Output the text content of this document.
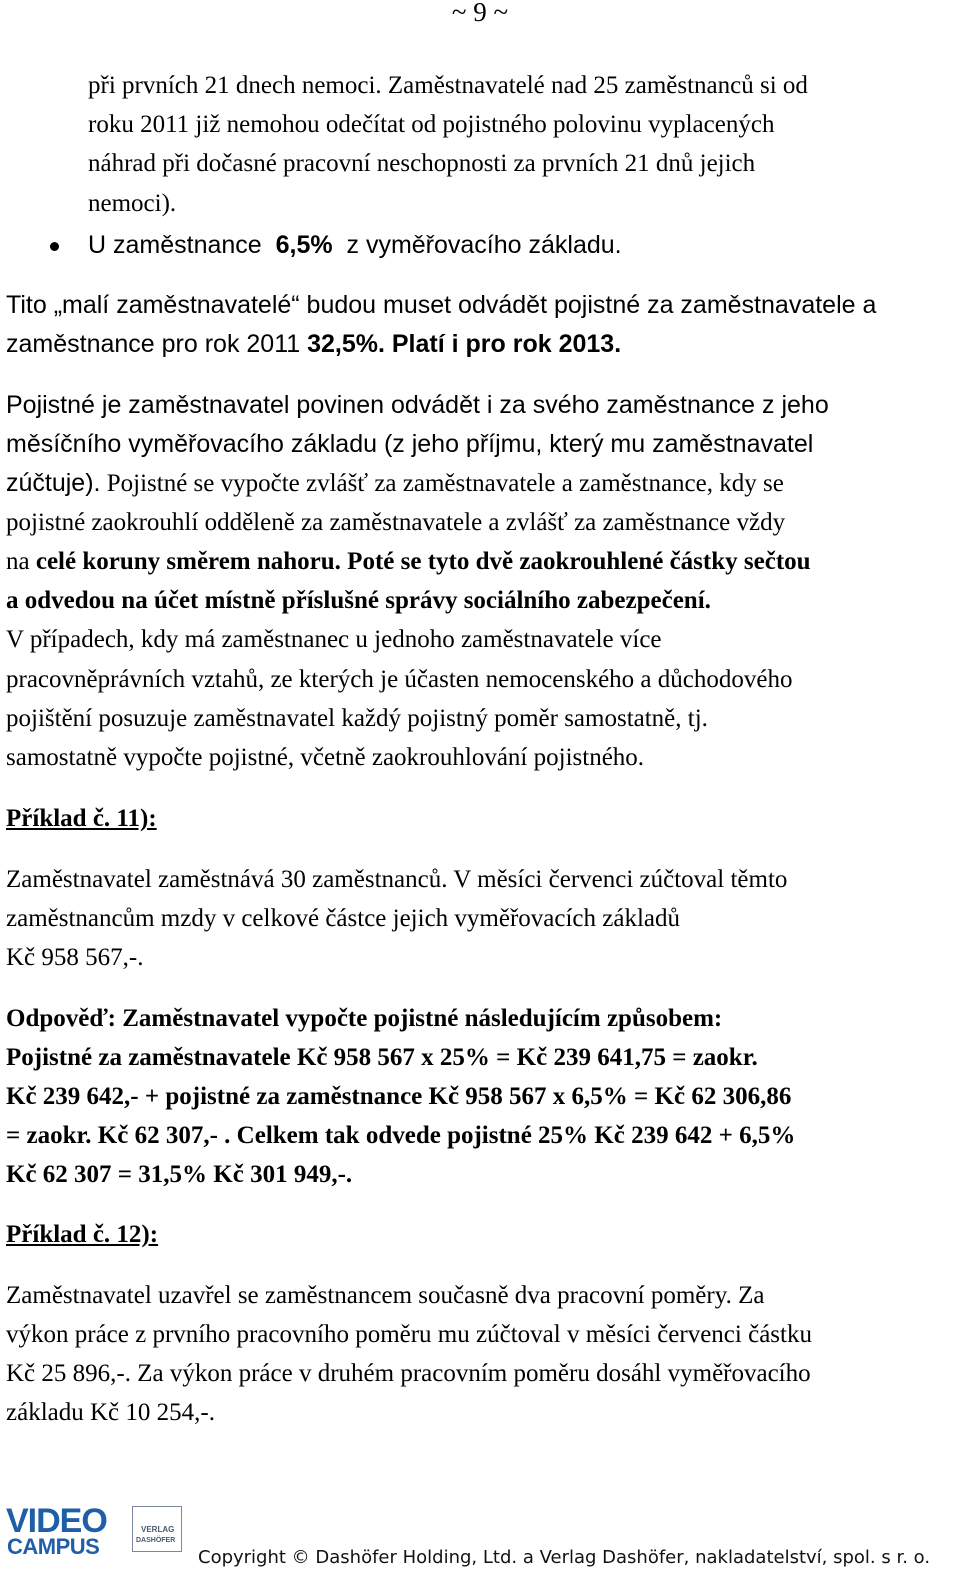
~ 9 ~

při prvních 21 dnech nemoci. Zaměstnavatelé nad 25 zaměstnanců si od

roku 2011 již nemohou odečítat od pojistného polovinu vyplacených

náhrad při dočasné pracovní neschopnosti za prvních 21 dnů jejich

nemoci).

U zaměstnance 6,5% z vyměřovacího základu.

Tito „malí zaměstnavatelé“ budou muset odvádět pojistné za zaměstnavatele a

zaměstnance pro rok 2011 32,5%. Platí i pro rok 2013.

Pojistné je zaměstnavatel povinen odvádět i za svého zaměstnance z jeho

měsíčního vyměřovacího základu (z jeho příjmu, který mu zaměstnavatel

zúčtuje). Pojistné se vypočte zvlášť za zaměstnavatele a zaměstnance, kdy se

pojistné zaokrouhlí odděleně za zaměstnavatele a zvlášť za zaměstnance vždy

na celé koruny směrem nahoru. Poté se tyto dvě zaokrouhlené částky sečtou

a odvedou na účet místně příslušné správy sociálního zabezpečení.

V případech, kdy má zaměstnanec u jednoho zaměstnavatele více

pracovněprávních vztahů, ze kterých je účasten nemocenského a důchodového

pojištění posuzuje zaměstnavatel každý pojistný poměr samostatně, tj.

samostatně vypočte pojistné, včetně zaokrouhlování pojistného.

Příklad č. 11):

Zaměstnavatel zaměstnává 30 zaměstnanců. V měsíci červenci zúčtoval těmto

zaměstnancům mzdy v celkové částce jejich vyměřovacích základů

Kč 958 567,-.

Odpověď: Zaměstnavatel vypočte pojistné následujícím způsobem:

Pojistné za zaměstnavatele Kč 958 567 x 25% = Kč 239 641,75 = zaokr.

Kč 239 642,- + pojistné za zaměstnance Kč 958 567 x 6,5% = Kč 62 306,86

= zaokr. Kč 62 307,- . Celkem tak odvede pojistné 25% Kč 239 642 + 6,5%

Kč 62 307 = 31,5% Kč 301 949,-.

Příklad č. 12):

Zaměstnavatel uzavřel se zaměstnancem současně dva pracovní poměry. Za

výkon práce z prvního pracovního poměru mu zúčtoval v měsíci červenci částku

Kč 25 896,-. Za výkon práce v druhém pracovním poměru dosáhl vyměřovacího

základu Kč 10 254,-.

VIDEO
CAMPUS
VERLAG
DASHÖFER
Copyright © Dashöfer Holding, Ltd. a Verlag Dashöfer, nakladatelství, spol. s r. o.
